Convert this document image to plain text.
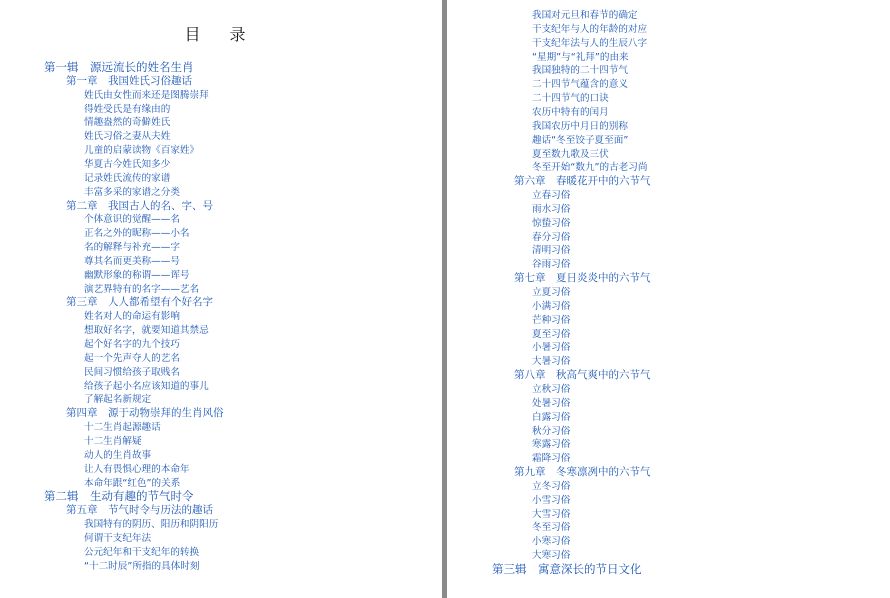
目 录
第一辑　源远流长的姓名生肖
第一章　我国姓氏习俗趣话
姓氏由女性而来还是图腾崇拜
得姓受氏是有缘由的
情趣盎然的奇僻姓氏
姓氏习俗之妻从夫姓
儿童的启蒙读物《百家姓》
华夏古今姓氏知多少
记录姓氏流传的家谱
丰富多采的家谱之分类
第二章　我国古人的名、字、号
个体意识的觉醒——名
正名之外的昵称——小名
名的解释与补充——字
尊其名而更美称——号
幽默形象的称谓——诨号
演艺界特有的名字——艺名
第三章　人人都希望有个好名字
姓名对人的命运有影响
想取好名字，就要知道其禁忌
起个好名字的九个技巧
起一个先声夺人的艺名
民间习惯给孩子取贱名
给孩子起小名应该知道的事儿
了解起名新规定
第四章　源于动物崇拜的生肖风俗
十二生肖起源趣话
十二生肖解疑
动人的生肖故事
让人有畏惧心理的本命年
本命年跟“红色”的关系
第二辑　生动有趣的节气时令
第五章　节气时令与历法的趣话
我国特有的阴历、阳历和阴阳历
何谓干支纪年法
公元纪年和干支纪年的转换
“十二时辰”所指的具体时刻
我国对元旦和春节的确定
干支纪年与人的年龄的对应
干支纪年法与人的生辰八字
“星期”与“礼拜”的由来
我国独特的二十四节气
二十四节气蕴含的意义
二十四节气的口诀
农历中特有的闰月
我国农历中月日的别称
趣话“冬至饺子夏至面”
夏至数九歌及三伏
冬至开始“数九”的古老习尚
第六章　春暖花开中的六节气
立春习俗
雨水习俗
惊蛰习俗
春分习俗
清明习俗
谷雨习俗
第七章　夏日炎炎中的六节气
立夏习俗
小满习俗
芒种习俗
夏至习俗
小暑习俗
大暑习俗
第八章　秋高气爽中的六节气
立秋习俗
处暑习俗
白露习俗
秋分习俗
寒露习俗
霜降习俗
第九章　冬寒凛冽中的六节气
立冬习俗
小雪习俗
大雪习俗
冬至习俗
小寒习俗
大寒习俗
第三辑　寓意深长的节日文化
